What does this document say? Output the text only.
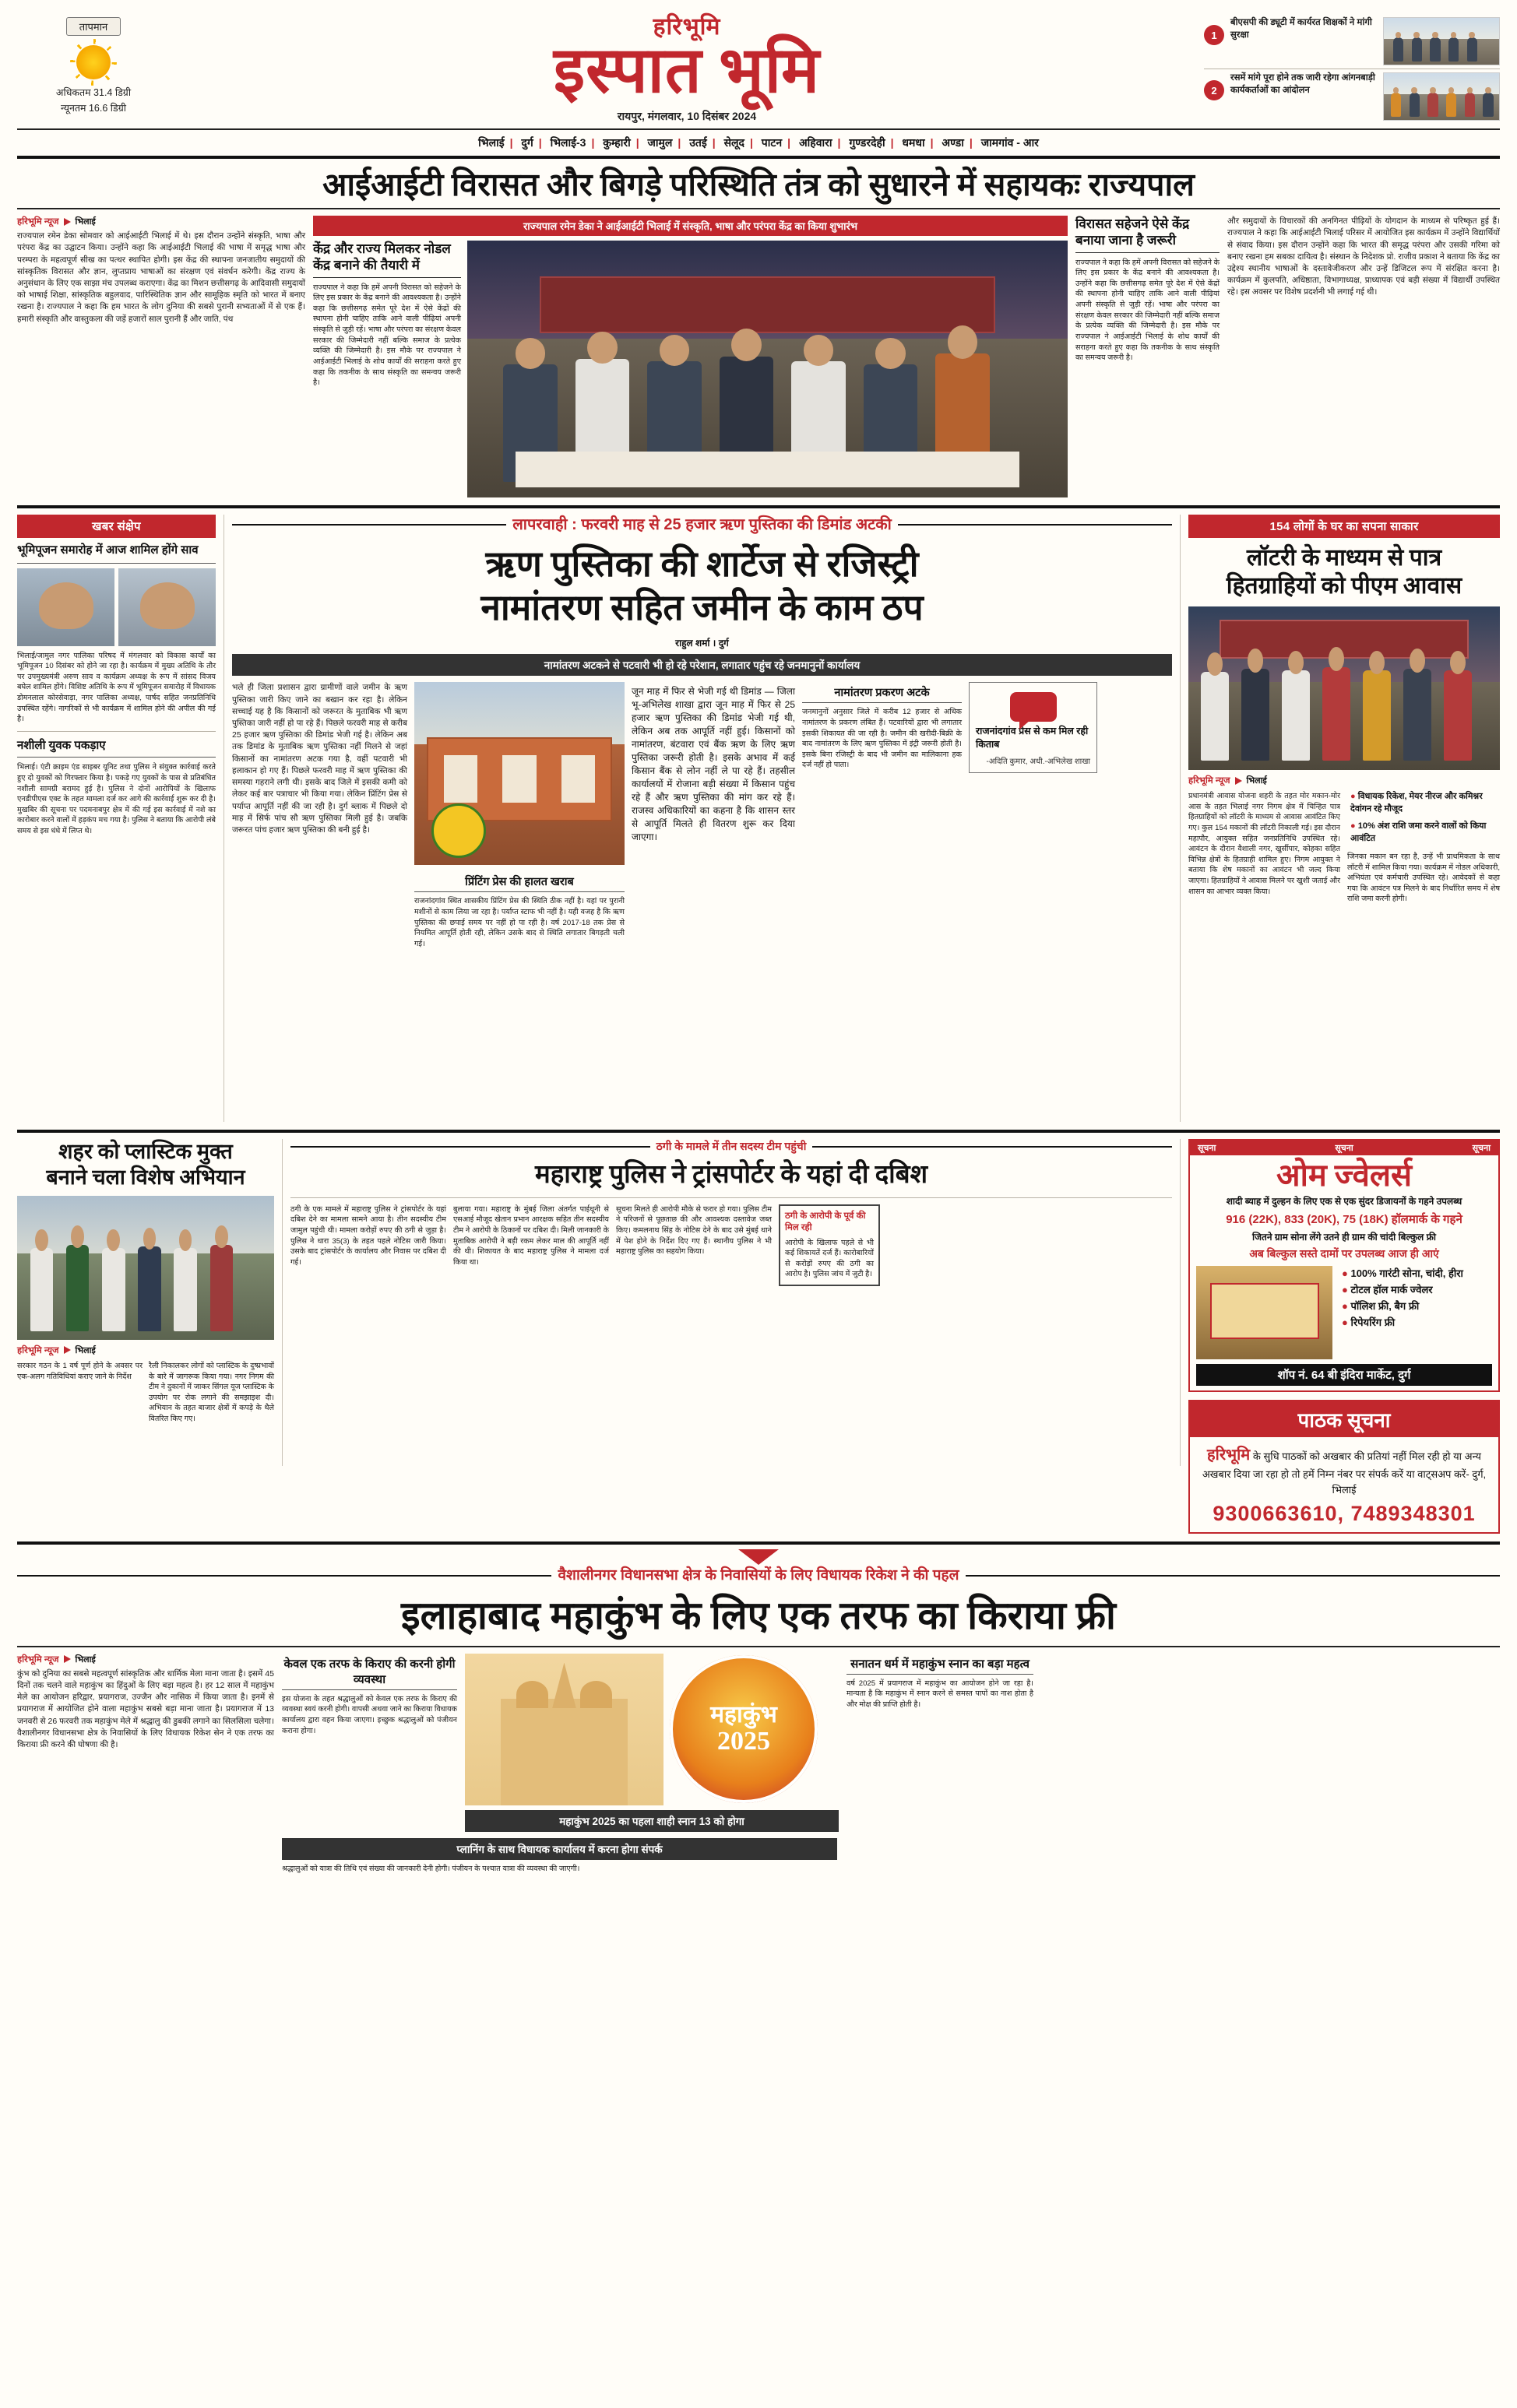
तापमान
अधिकतम 31.4 डिग्री
न्यूनतम 16.6 डिग्री
हरिभूमि
इस्पात भूमि
रायपुर, मंगलवार, 10 दिसंबर 2024
1
बीएसपी की ड्यूटी में कार्यरत शिक्षकों ने मांगी सुरक्षा
2
रसमें मांगे पूरा होने तक जारी रहेगा आंगनबाड़ी कार्यकर्ताओं का आंदोलन
भिलाई | दुर्ग | भिलाई-3 | कुम्हारी | जामुल | उतई | सेलूद | पाटन | अहिवारा | गुण्डरदेही | धमधा | अण्डा | जामगांव - आर
आईआईटी विरासत और बिगड़े परिस्थिति तंत्र को सुधारने में सहायकः राज्यपाल
हरिभूमि न्यूज भिलाई
राज्यपाल रमेन डेका सोमवार को आईआईटी भिलाई में थे। इस दौरान उन्होंने संस्कृति, भाषा और परंपरा केंद्र का उद्घाटन किया। उन्होंने कहा कि आईआईटी भिलाई की भाषा में समृद्ध भाषा और परम्परा के महत्वपूर्ण सीख का पत्थर स्थापित होगी। इस केंद्र की स्थापना जनजातीय समुदायों की सांस्कृतिक विरासत और ज्ञान, लुप्तप्राय भाषाओं का संरक्षण एवं संवर्धन करेगी। केंद्र राज्य के अनुसंधान के लिए एक साझा मंच उपलब्ध कराएगा। केंद्र का मिशन छत्तीसगढ़ के आदिवासी समुदायों को भाषाई शिक्षा, सांस्कृतिक बहुलवाद, पारिस्थितिक ज्ञान और सामूहिक स्मृति को भारत में बनाए रखना है। राज्यपाल ने कहा कि हम भारत के लोग दुनिया की सबसे पुरानी सभ्यताओं में से एक हैं। हमारी संस्कृति और वास्तुकला की जड़ें हजारों साल पुरानी हैं और जाति, पंथ
राज्यपाल रमेन डेका ने आईआईटी भिलाई में संस्कृति, भाषा और परंपरा केंद्र का किया शुभारंभ
केंद्र और राज्य मिलकर नोडल केंद्र बनाने की तैयारी में
राज्यपाल ने कहा कि हमें अपनी विरासत को सहेजने के लिए इस प्रकार के केंद्र बनाने की आवश्यकता है। उन्होंने कहा कि छत्तीसगढ़ समेत पूरे देश में ऐसे केंद्रों की स्थापना होनी चाहिए ताकि आने वाली पीढ़ियां अपनी संस्कृति से जुड़ी रहें। भाषा और परंपरा का संरक्षण केवल सरकार की जिम्मेदारी नहीं बल्कि समाज के प्रत्येक व्यक्ति की जिम्मेदारी है। इस मौके पर राज्यपाल ने आईआईटी भिलाई के शोध कार्यों की सराहना करते हुए कहा कि तकनीक के साथ संस्कृति का समन्वय जरूरी है।
विरासत सहेजने ऐसे केंद्र बनाया जाना है जरूरी
राज्यपाल ने कहा कि हमें अपनी विरासत को सहेजने के लिए इस प्रकार के केंद्र बनाने की आवश्यकता है। उन्होंने कहा कि छत्तीसगढ़ समेत पूरे देश में ऐसे केंद्रों की स्थापना होनी चाहिए ताकि आने वाली पीढ़ियां अपनी संस्कृति से जुड़ी रहें। भाषा और परंपरा का संरक्षण केवल सरकार की जिम्मेदारी नहीं बल्कि समाज के प्रत्येक व्यक्ति की जिम्मेदारी है। इस मौके पर राज्यपाल ने आईआईटी भिलाई के शोध कार्यों की सराहना करते हुए कहा कि तकनीक के साथ संस्कृति का समन्वय जरूरी है।
और समुदायों के विचारकों की अनगिनत पीढ़ियों के योगदान के माध्यम से परिष्कृत हुई हैं। राज्यपाल ने कहा कि आईआईटी भिलाई परिसर में आयोजित इस कार्यक्रम में उन्होंने विद्यार्थियों से संवाद किया। इस दौरान उन्होंने कहा कि भारत की समृद्ध परंपरा और उसकी गरिमा को बनाए रखना हम सबका दायित्व है। संस्थान के निदेशक प्रो. राजीव प्रकाश ने बताया कि केंद्र का उद्देश्य स्थानीय भाषाओं के दस्तावेजीकरण और उन्हें डिजिटल रूप में संरक्षित करना है। कार्यक्रम में कुलपति, अधिष्ठाता, विभागाध्यक्ष, प्राध्यापक एवं बड़ी संख्या में विद्यार्थी उपस्थित रहे। इस अवसर पर विशेष प्रदर्शनी भी लगाई गई थी।
खबर संक्षेप
भूमिपूजन समारोह में आज शामिल होंगे साव
भिलाई/जामुल नगर पालिका परिषद में मंगलवार को विकास कार्यों का भूमिपूजन 10 दिसंबर को होने जा रहा है। कार्यक्रम में मुख्य अतिथि के तौर पर उपमुख्यमंत्री अरुण साव व कार्यक्रम अध्यक्ष के रूप में सांसद विजय बघेल शामिल होंगे। विशिष्ट अतिथि के रूप में भूमिपूजन समारोह में विधायक डोमनलाल कोरसेवाड़ा, नगर पालिका अध्यक्ष, पार्षद सहित जनप्रतिनिधि उपस्थित रहेंगे। नागरिकों से भी कार्यक्रम में शामिल होने की अपील की गई है।
नशीली युवक पकड़ाए
भिलाई। एंटी क्राइम एंड साइबर यूनिट तथा पुलिस ने संयुक्त कार्रवाई करते हुए दो युवकों को गिरफ्तार किया है। पकड़े गए युवकों के पास से प्रतिबंधित नशीली सामग्री बरामद हुई है। पुलिस ने दोनों आरोपियों के खिलाफ एनडीपीएस एक्ट के तहत मामला दर्ज कर आगे की कार्रवाई शुरू कर दी है। मुखबिर की सूचना पर पदमनाबपुर क्षेत्र में की गई इस कार्रवाई में नशे का कारोबार करने वालों में हड़कंप मच गया है। पुलिस ने बताया कि आरोपी लंबे समय से इस धंधे में लिप्त थे।
लापरवाही : फरवरी माह से 25 हजार ऋण पुस्तिका की डिमांड अटकी
ऋण पुस्तिका की शार्टेज से रजिस्ट्री
नामांतरण सहित जमीन के काम ठप
राहुल शर्मा । दुर्ग
नामांतरण अटकने से पटवारी भी हो रहे परेशान, लगातार पहुंच रहे जनमानुनों कार्यालय
भले ही जिला प्रशासन द्वारा ग्रामीणों वाले जमीन के ऋण पुस्तिका जारी किए जाने का बखान कर रहा है। लेकिन सच्चाई यह है कि किसानों को जरूरत के मुताबिक भी ऋण पुस्तिका जारी नहीं हो पा रहे हैं। पिछले फरवरी माह से करीब 25 हजार ऋण पुस्तिका की डिमांड भेजी गई है। लेकिन अब तक डिमांड के मुताबिक ऋण पुस्तिका नहीं मिलने से जहां किसानों का नामांतरण अटक गया है, वहीं पटवारी भी हलाकान हो गए हैं। पिछले फरवरी माह में ऋण पुस्तिका की समस्या गहराने लगी थी। इसके बाद जिले में इसकी कमी को लेकर कई बार पत्राचार भी किया गया। लेकिन प्रिंटिंग प्रेस से पर्याप्त आपूर्ति नहीं की जा रही है। दुर्ग ब्लाक में पिछले दो माह में सिर्फ पांच सौ ऋण पुस्तिका मिली हुई है। जबकि जरूरत पांच हजार ऋण पुस्तिका की बनी हुई है।
प्रिंटिंग प्रेस की हालत खराब
राजनांदगांव स्थित शासकीय प्रिंटिंग प्रेस की स्थिति ठीक नहीं है। यहां पर पुरानी मशीनों से काम लिया जा रहा है। पर्याप्त स्टाफ भी नहीं है। यही वजह है कि ऋण पुस्तिका की छपाई समय पर नहीं हो पा रही है। वर्ष 2017-18 तक प्रेस से नियमित आपूर्ति होती रही, लेकिन उसके बाद से स्थिति लगातार बिगड़ती चली गई।
जून माह में फिर से भेजी गई थी डिमांड — जिला भू-अभिलेख शाखा द्वारा जून माह में फिर से 25 हजार ऋण पुस्तिका की डिमांड भेजी गई थी, लेकिन अब तक आपूर्ति नहीं हुई। किसानों को नामांतरण, बंटवारा एवं बैंक ऋण के लिए ऋण पुस्तिका जरूरी होती है। इसके अभाव में कई किसान बैंक से लोन नहीं ले पा रहे हैं। तहसील कार्यालयों में रोजाना बड़ी संख्या में किसान पहुंच रहे हैं और ऋण पुस्तिका की मांग कर रहे हैं। राजस्व अधिकारियों का कहना है कि शासन स्तर से आपूर्ति मिलते ही वितरण शुरू कर दिया जाएगा।
नामांतरण प्रकरण अटके
जनमानुनों अनुसार जिले में करीब 12 हजार से अधिक नामांतरण के प्रकरण लंबित हैं। पटवारियों द्वारा भी लगातार इसकी शिकायत की जा रही है। जमीन की खरीदी-बिक्री के बाद नामांतरण के लिए ऋण पुस्तिका में इंट्री जरूरी होती है। इसके बिना रजिस्ट्री के बाद भी जमीन का मालिकाना हक दर्ज नहीं हो पाता।
राजनांदगांव प्रेस से कम मिल रही किताब
-अदिति कुमार, अधी.-अभिलेख शाखा
154 लोगों के घर का सपना साकार
लॉटरी के माध्यम से पात्र
हितग्राहियों को पीएम आवास
हरिभूमि न्यूज भिलाई
प्रधानमंत्री आवास योजना शहरी के तहत मोर मकान-मोर आस के तहत भिलाई नगर निगम क्षेत्र में चिन्हित पात्र हितग्राहियों को लॉटरी के माध्यम से आवास आवंटित किए गए। कुल 154 मकानों की लॉटरी निकाली गई। इस दौरान महापौर, आयुक्त सहित जनप्रतिनिधि उपस्थित रहे। आवंटन के दौरान वैशाली नगर, खुर्सीपार, कोहका सहित विभिन्न क्षेत्रों के हितग्राही शामिल हुए। निगम आयुक्त ने बताया कि शेष मकानों का आवंटन भी जल्द किया जाएगा। हितग्राहियों ने आवास मिलने पर खुशी जताई और शासन का आभार व्यक्त किया।
● विधायक रिकेश, मेयर नीरज और कमिश्नर देवांगन रहे मौजूद
● 10% अंश राशि जमा करने वालों को किया आवंटित
जिनका मकान बन रहा है, उन्हें भी प्राथमिकता के साथ लॉटरी में शामिल किया गया। कार्यक्रम में नोडल अधिकारी, अभियंता एवं कर्मचारी उपस्थित रहे। आवेदकों से कहा गया कि आवंटन पत्र मिलने के बाद निर्धारित समय में शेष राशि जमा करनी होगी।
शहर को प्लास्टिक मुक्त
बनाने चला विशेष अभियान
हरिभूमि न्यूज भिलाई
सरकार गठन के 1 वर्ष पूर्ण होने के अवसर पर एक-अलग गतिविधियां कराए जाने के निर्देश
रैली निकालकर लोगों को प्लास्टिक के दुष्प्रभावों के बारे में जागरूक किया गया। नगर निगम की टीम ने दुकानों में जाकर सिंगल यूज प्लास्टिक के उपयोग पर रोक लगाने की समझाइश दी। अभियान के तहत बाजार क्षेत्रों में कपड़े के थैले वितरित किए गए।
ठगी के मामले में तीन सदस्य टीम पहुंची
महाराष्ट्र पुलिस ने ट्रांसपोर्टर के यहां दी दबिश
ठगी के एक मामले में महाराष्ट्र पुलिस ने ट्रांसपोर्टर के यहां दबिश देने का मामला सामने आया है। तीन सदस्यीय टीम जामुल पहुंची थी। मामला करोड़ों रुपए की ठगी से जुड़ा है। पुलिस ने धारा 35(3) के तहत पहले नोटिस जारी किया। उसके बाद ट्रांसपोर्टर के कार्यालय और निवास पर दबिश दी गई।
बुलाया गया। महाराष्ट्र के मुंबई जिला अंतर्गत पाईधूनी से एसआई मौजूद खेतान प्रभान आरक्षक सहित तीन सदस्यीय टीम ने आरोपी के ठिकानों पर दबिश दी। मिली जानकारी के मुताबिक आरोपी ने बड़ी रकम लेकर माल की आपूर्ति नहीं की थी। शिकायत के बाद महाराष्ट्र पुलिस ने मामला दर्ज किया था।
सूचना मिलते ही आरोपी मौके से फरार हो गया। पुलिस टीम ने परिजनों से पूछताछ की और आवश्यक दस्तावेज जब्त किए। कमलनाथ सिंह के नोटिस देने के बाद उसे मुंबई थाने में पेश होने के निर्देश दिए गए हैं। स्थानीय पुलिस ने भी महाराष्ट्र पुलिस का सहयोग किया।
ठगी के आरोपी के पूर्व की मिल रही
आरोपी के खिलाफ पहले से भी कई शिकायतें दर्ज हैं। कारोबारियों से करोड़ों रुपए की ठगी का आरोप है। पुलिस जांच में जुटी है।
सूचना	सूचना	सूचना
ओम ज्वेलर्स
शादी ब्याह में दुल्हन के लिए एक से एक सुंदर डिजायनों के गहने उपलब्ध
916 (22K), 833 (20K), 75 (18K) हॉलमार्क के गहने
जितने ग्राम सोना लेंगे उतने ही ग्राम की चांदी बिल्कुल फ्री
अब बिल्कुल सस्ते दामों पर उपलब्ध आज ही आएं
● 100% गारंटी सोना, चांदी, हीरा
● टोटल हॉल मार्क ज्वेलर
● पॉलिश फ्री, बैग फ्री
● रिपेयरिंग फ्री
शॉप नं. 64 बी इंदिरा मार्केट, दुर्ग
पाठक सूचना
हरिभूमि के सुधि पाठकों को अखबार की प्रतियां नहीं मिल रही हो या अन्य अखबार दिया जा रहा हो तो हमें निम्न नंबर पर संपर्क करें या वाट्सअप करें- दुर्ग, भिलाई
9300663610, 7489348301
वैशालीनगर विधानसभा क्षेत्र के निवासियों के लिए विधायक रिकेश ने की पहल
इलाहाबाद महाकुंभ के लिए एक तरफ का किराया फ्री
हरिभूमि न्यूज भिलाई
कुंभ को दुनिया का सबसे महत्वपूर्ण सांस्कृतिक और धार्मिक मेला माना जाता है। इसमें 45 दिनों तक चलने वाले महाकुंभ का हिंदुओं के लिए बड़ा महत्व है। हर 12 साल में महाकुंभ मेले का आयोजन हरिद्वार, प्रयागराज, उज्जैन और नासिक में किया जाता है। इनमें से प्रयागराज में आयोजित होने वाला महाकुंभ सबसे बड़ा माना जाता है। प्रयागराज में 13 जनवरी से 26 फरवरी तक महाकुंभ मेले में श्रद्धालु की डुबकी लगाने का सिलसिला चलेगा। वैशालीनगर विधानसभा क्षेत्र के निवासियों के लिए विधायक रिकेश सेन ने एक तरफ का किराया फ्री करने की घोषणा की है।
केवल एक तरफ के किराए की करनी होगी व्यवस्था
इस योजना के तहत श्रद्धालुओं को केवल एक तरफ के किराए की व्यवस्था स्वयं करनी होगी। वापसी अथवा जाने का किराया विधायक कार्यालय द्वारा वहन किया जाएगा। इच्छुक श्रद्धालुओं को पंजीयन कराना होगा।
महाकुंभ
2025
महाकुंभ 2025 का पहला शाही स्नान 13 को होगा
सनातन धर्म में महाकुंभ स्नान का बड़ा महत्व
वर्ष 2025 में प्रयागराज में महाकुंभ का आयोजन होने जा रहा है। मान्यता है कि महाकुंभ में स्नान करने से समस्त पापों का नाश होता है और मोक्ष की प्राप्ति होती है।
प्लानिंग के साथ विधायक कार्यालय में करना होगा संपर्क
श्रद्धालुओं को यात्रा की तिथि एवं संख्या की जानकारी देनी होगी। पंजीयन के पश्चात यात्रा की व्यवस्था की जाएगी।
